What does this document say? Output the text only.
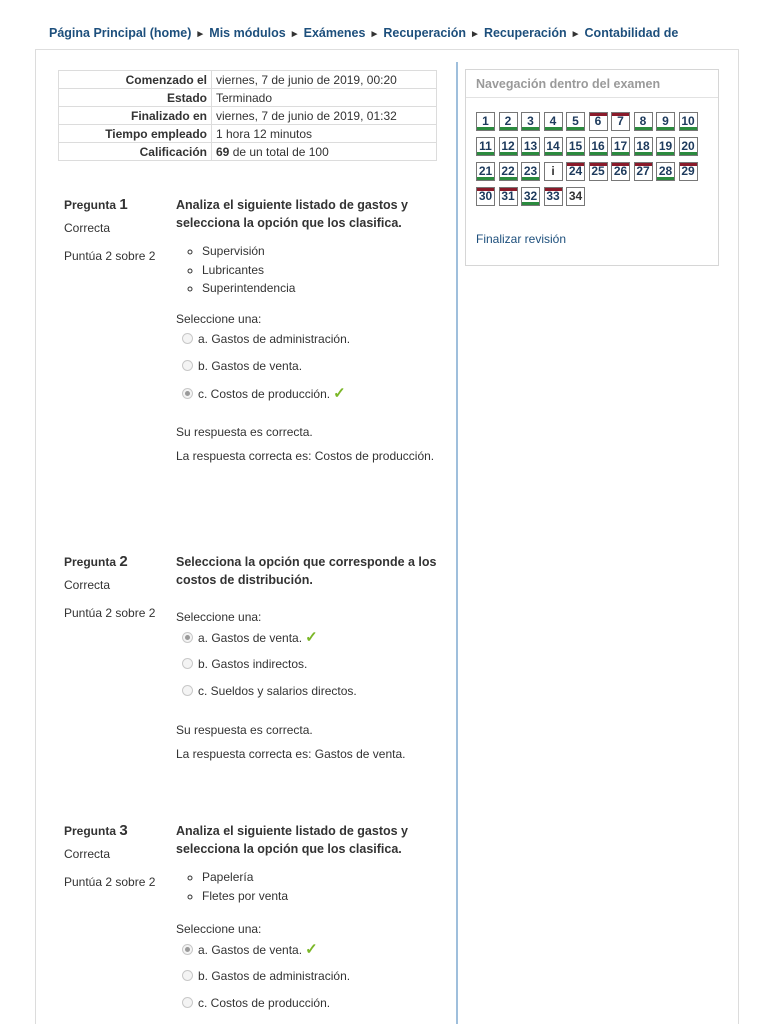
Página Principal (home) ► Mis módulos ► Exámenes ► Recuperación ► Recuperación ► Contabilidad de
Comenzado el	viernes, 7 de junio de 2019, 00:20
Estado	Terminado
Finalizado en	viernes, 7 de junio de 2019, 01:32
Tiempo empleado	1 hora 12 minutos
Calificación	69 de un total de 100
Pregunta 1
Correcta
Puntúa 2 sobre 2
Analiza el siguiente listado de gastos y selecciona la opción que los clasifica.
◦ Supervisión
◦ Lubricantes
◦ Superintendencia
Seleccione una:
a. Gastos de administración.
b. Gastos de venta.
c. Costos de producción. ✓

Su respuesta es correcta.

La respuesta correcta es: Costos de producción.

Pregunta 2
Correcta
Puntúa 2 sobre 2
Selecciona la opción que corresponde a los costos de distribución.
Seleccione una:
a. Gastos de venta. ✓
b. Gastos indirectos.
c. Sueldos y salarios directos.

Su respuesta es correcta.

La respuesta correcta es: Gastos de venta.

Pregunta 3
Correcta
Puntúa 2 sobre 2
Analiza el siguiente listado de gastos y selecciona la opción que los clasifica.
◦ Papelería
◦ Fletes por venta
Seleccione una:
a. Gastos de venta. ✓
b. Gastos de administración.
c. Costos de producción.
Navegación dentro del examen
1 2 3 4 5 6 7 8 9 1011 12 13 14 15 16 17 18 19 2021 22 23 i 24 25 26 27 28 2930 31 32 33 34
Finalizar revisión
